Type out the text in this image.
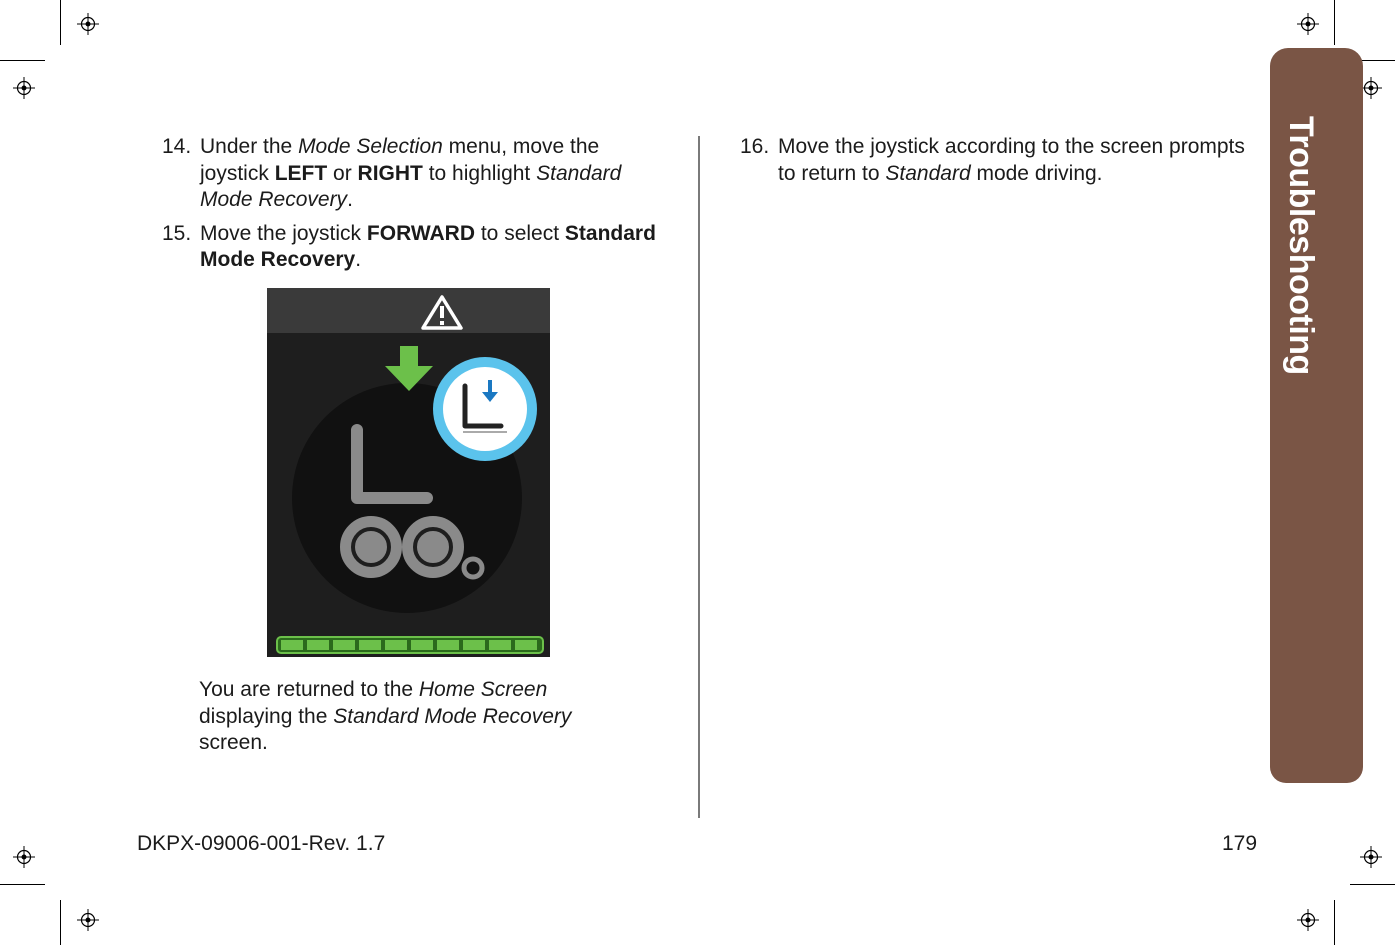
14. Under the Mode Selection menu, move the joystick LEFT or RIGHT to highlight Standard Mode Recovery.

15. Move the joystick FORWARD to select Standard Mode Recovery.

You are returned to the Home Screen displaying the Standard Mode Recovery screen.

16. Move the joystick according to the screen prompts to return to Standard mode driving.	Troubleshooting
DKPX-09006-001-Rev. 1.7	179
